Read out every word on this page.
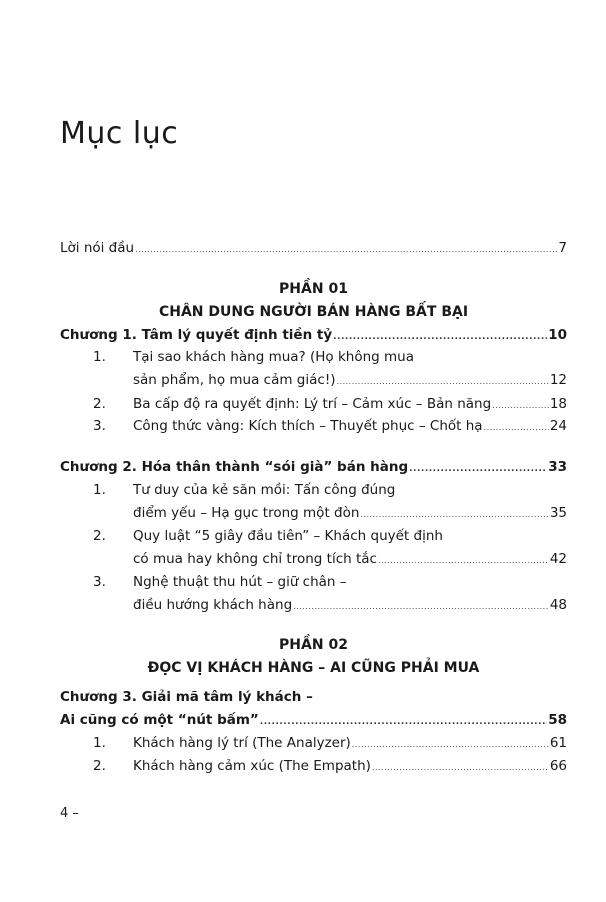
Mục lục
Lời nói đầu .....	7
PHẦN 01
CHÂN DUNG NGƯỜI BÁN HÀNG BẤT BẠI
Chương 1. Tâm lý quyết định tiền tỷ .....	10
1. Tại sao khách hàng mua? (Họ không mua
sản phẩm, họ mua cảm giác!) .....	12
2. Ba cấp độ ra quyết định: Lý trí – Cảm xúc – Bản năng .....	18
3. Công thức vàng: Kích thích – Thuyết phục – Chốt hạ .....	24
Chương 2. Hóa thân thành “sói già” bán hàng .....	33
1. Tư duy của kẻ săn mồi: Tấn công đúng
điểm yếu – Hạ gục trong một đòn .....	35
2. Quy luật “5 giây đầu tiên” – Khách quyết định
có mua hay không chỉ trong tích tắc .....	42
3. Nghệ thuật thu hút – giữ chân –
điều hướng khách hàng .....	48
PHẦN 02
ĐỌC VỊ KHÁCH HÀNG – AI CŨNG PHẢI MUA
Chương 3. Giải mã tâm lý khách –
Ai cũng có một “nút bấm” .....	58
1. Khách hàng lý trí (The Analyzer) .....	61
2. Khách hàng cảm xúc (The Empath) .....	66
4 –
